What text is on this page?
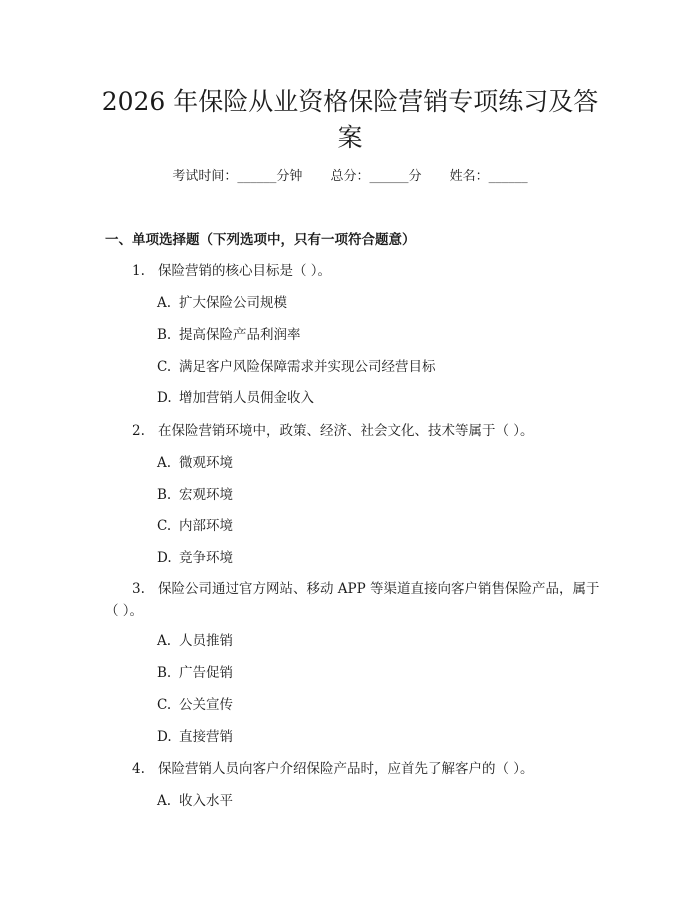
2026 年保险从业资格保险营销专项练习及答
案
考试时间：______分钟 总分：______分 姓名：______
一、单项选择题（下列选项中，只有一项符合题意）

1. 保险营销的核心目标是（ ）。

A. 扩大保险公司规模

B. 提高保险产品利润率

C. 满足客户风险保障需求并实现公司经营目标

D. 增加营销人员佣金收入

2. 在保险营销环境中，政策、经济、社会文化、技术等属于（ ）。

A. 微观环境

B. 宏观环境

C. 内部环境

D. 竞争环境

3. 保险公司通过官方网站、移动 APP 等渠道直接向客户销售保险产品，属于（ ）。

A. 人员推销

B. 广告促销

C. 公关宣传

D. 直接营销

4. 保险营销人员向客户介绍保险产品时，应首先了解客户的（ ）。

A. 收入水平
